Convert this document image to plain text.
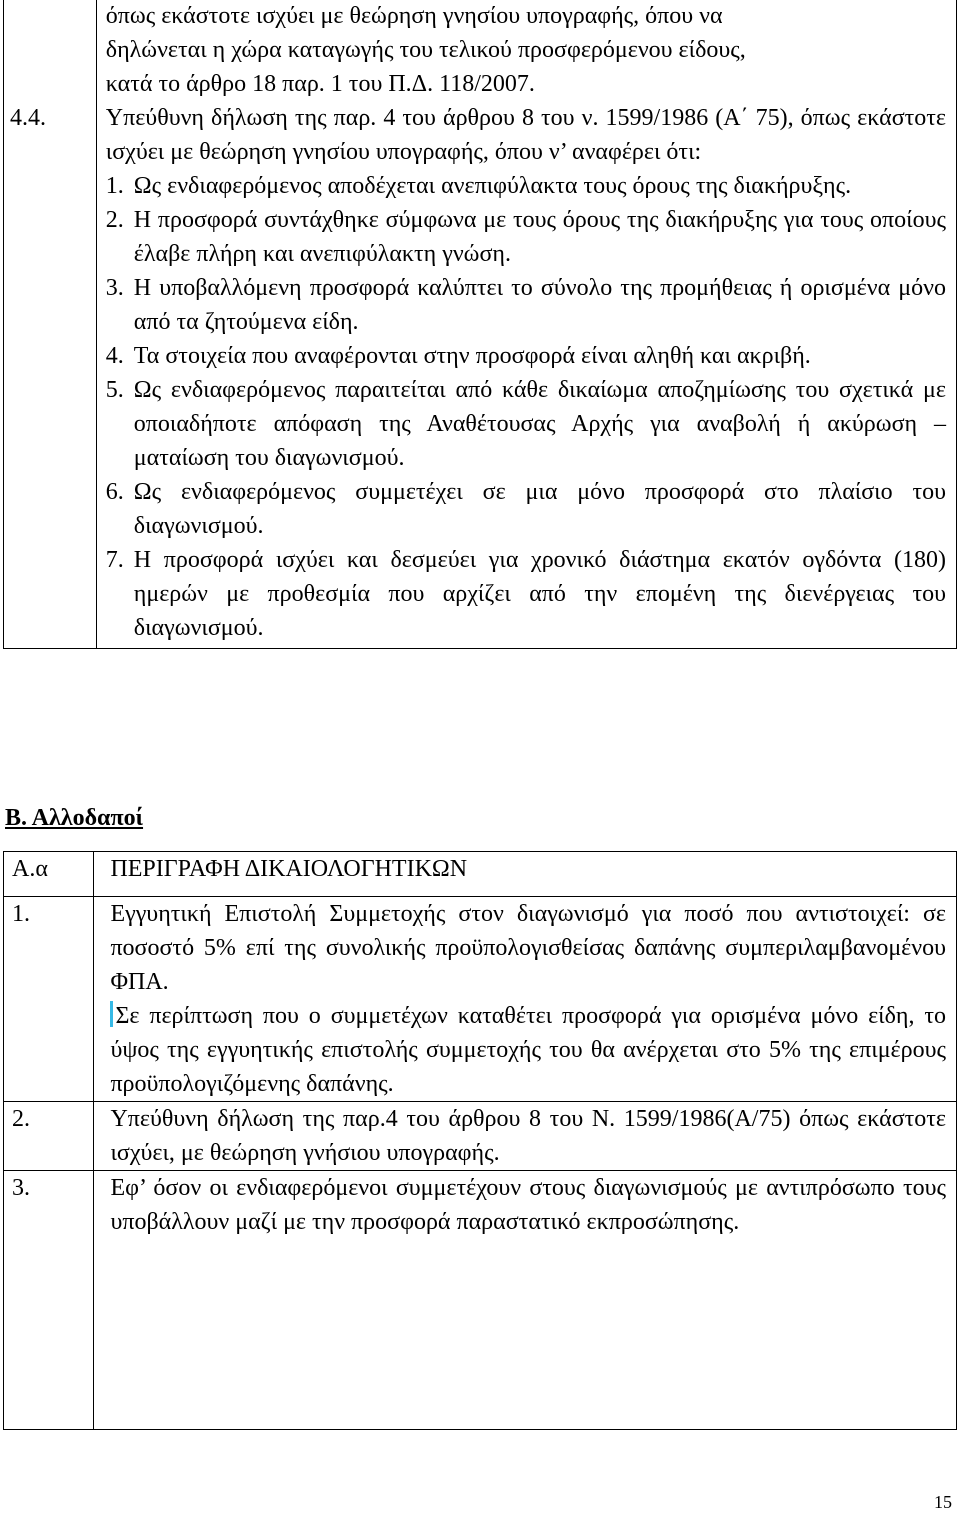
4.4.

όπως εκάστοτε ισχύει με θεώρηση γνησίου υπογραφής, όπου να
δηλώνεται η χώρα καταγωγής του τελικού προσφερόμενου είδους,
κατά το άρθρο 18 παρ. 1 του Π.Δ. 118/2007.
Υπεύθυνη δήλωση της παρ. 4 του άρθρου 8 του ν. 1599/1986 (Α΄ 75), όπως εκάστοτε ισχύει με θεώρηση γνησίου υπογραφής, όπου ν’ αναφέρει ότι:
1. Ως ενδιαφερόμενος αποδέχεται ανεπιφύλακτα τους όρους της διακήρυξης.
2. Η προσφορά συντάχθηκε σύμφωνα με τους όρους της διακήρυξης για τους οποίους έλαβε πλήρη και ανεπιφύλακτη γνώση.
3. Η υποβαλλόμενη προσφορά καλύπτει το σύνολο της προμήθειας ή ορισμένα μόνο από τα ζητούμενα είδη.
4. Τα στοιχεία που αναφέρονται στην προσφορά είναι αληθή και ακριβή.
5. Ως ενδιαφερόμενος παραιτείται από κάθε δικαίωμα αποζημίωσης του σχετικά με οποιαδήποτε απόφαση της Αναθέτουσας Αρχής για αναβολή ή ακύρωση – ματαίωση του διαγωνισμού.
6. Ως ενδιαφερόμενος συμμετέχει σε μια μόνο προσφορά στο πλαίσιο του διαγωνισμού.
7. Η προσφορά ισχύει και δεσμεύει για χρονικό διάστημα εκατόν ογδόντα (180) ημερών με προθεσμία που αρχίζει από την επομένη της διενέργειας του διαγωνισμού.
Β. Αλλοδαποί
Α.α	ΠΕΡΙΓΡΑΦΗ ΔΙΚΑΙΟΛΟΓΗΤΙΚΩΝ
1.	Εγγυητική Επιστολή Συμμετοχής στον διαγωνισμό για ποσό που αντιστοιχεί: σε ποσοστό 5% επί της συνολικής προϋπολογισθείσας δαπάνης συμπεριλαμβανομένου ΦΠΑ.
Σε περίπτωση που ο συμμετέχων καταθέτει προσφορά για ορισμένα μόνο είδη, το ύψος της εγγυητικής επιστολής συμμετοχής του θα ανέρχεται στο 5% της επιμέρους προϋπολογιζόμενης δαπάνης.

2.	Υπεύθυνη δήλωση της παρ.4 του άρθρου 8 του Ν. 1599/1986(Α/75) όπως εκάστοτε ισχύει, με θεώρηση γνήσιου υπογραφής.
3.	Εφ’ όσον οι ενδιαφερόμενοι συμμετέχουν στους διαγωνισμούς με αντιπρόσωπο τους υποβάλλουν μαζί με την προσφορά παραστατικό εκπροσώπησης.
15
